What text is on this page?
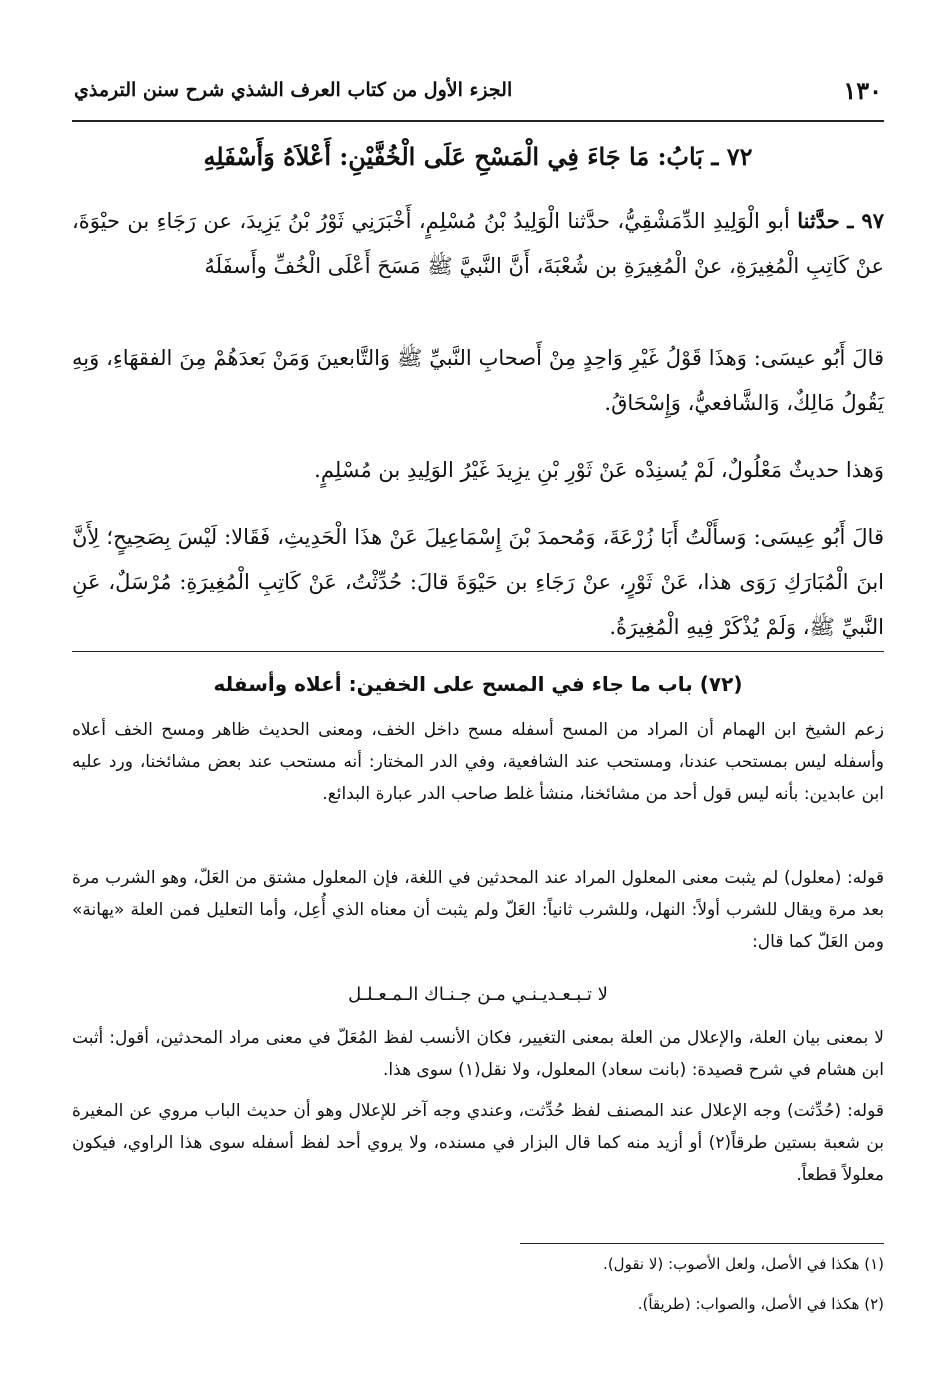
١٣٠
الجزء الأول من كتاب العرف الشذي شرح سنن الترمذي
٧٢ ـ بَابُ: مَا جَاءَ فِي الْمَسْحِ عَلَى الْخُفَّيْنِ: أَعْلاَهُ وَأَسْفَلِهِ
٩٧ ـ حدَّثنا أبو الْوَلِيدِ الدِّمَشْقِيُّ، حدَّثنا الْوَلِيدُ بْنُ مُسْلِمٍ، أَخْبَرَنِي ثَوْرُ بْنُ يَزِيدَ، عن رَجَاءِ بن حيْوَةَ، عنْ كَاتِبِ الْمُغِيرَةِ، عنْ الْمُغِيرَةِ بن شُعْبَةَ، أَنَّ النَّبيَّ ﷺ مَسَحَ أَعْلَى الْخُفِّ وأَسفَلَهُ
قالَ أَبُو عيسَى: وَهذَا قَوْلُ غَيْرِ وَاحِدٍ مِنْ أَصحابِ النَّبيِّ ﷺ وَالتَّابعينَ وَمَنْ بَعدَهُمْ مِنَ الفقهَاءِ، وَبِهِ يَقُولُ مَالِكٌ، وَالشَّافعيُّ، وَإِسْحَاقُ.
وَهذا حديثٌ مَعْلُولٌ، لَمْ يُسنِدْه عَنْ ثَوْرِ بْنِ يزِيدَ غَيْرُ الوَلِيدِ بن مُسْلِمٍ.
قالَ أَبُو عِيسَى: وَسأَلْتُ أَبَا زُرْعَةَ، وَمُحمدَ بْنَ إِسْمَاعِيلَ عَنْ هذَا الْحَدِيثِ، فَقَالا: لَيْسَ بِصَحِيحٍ؛ لِأَنَّ ابنَ الْمُبَارَكِ رَوَى هذا، عَنْ ثَوْرٍ، عنْ رَجَاءِ بن حَيْوَةَ قالَ: حُدِّثْتُ، عَنْ كَاتِبِ الْمُغِيرَةِ: مُرْسَلٌ، عَنِ النَّبيِّ ﷺ، وَلَمْ يُذْكَرْ فِيهِ الْمُغِيرَةُ.
(٧٢) باب ما جاء في المسح على الخفين: أعلاه وأسفله
زعم الشيخ ابن الهمام أن المراد من المسح أسفله مسح داخل الخف، ومعنى الحديث ظاهر ومسح الخف أعلاه وأسفله ليس بمستحب عندنا، ومستحب عند الشافعية، وفي الدر المختار: أنه مستحب عند بعض مشائخنا، ورد عليه ابن عابدين: بأنه ليس قول أحد من مشائخنا، منشأ غلط صاحب الدر عبارة البدائع.
قوله: (معلول) لم يثبت معنى المعلول المراد عند المحدثين في اللغة، فإن المعلول مشتق من العَلّ، وهو الشرب مرة بعد مرة ويقال للشرب أولاً: النهل، وللشرب ثانياً: العَلّ ولم يثبت أن معناه الذي أُعِل، وأما التعليل فمن العلة «يهانة» ومن العَلّ كما قال:
لا تـبـعـديـنـي مـن جـنـاك الـمـعـلـل
لا بمعنى بيان العلة، والإعلال من العلة بمعنى التغيير، فكان الأنسب لفظ المُعَلّ في معنى مراد المحدثين، أقول: أثبت ابن هشام في شرح قصيدة: (بانت سعاد) المعلول، ولا نقل(١) سوى هذا.
قوله: (حُدِّثت) وجه الإعلال عند المصنف لفظ حُدِّثت، وعندي وجه آخر للإعلال وهو أن حديث الباب مروي عن المغيرة بن شعبة بستين طرقاً(٢) أو أزيد منه كما قال البزار في مسنده، ولا يروي أحد لفظ أسفله سوى هذا الراوي، فيكون معلولاً قطعاً.
(١) هكذا في الأصل، ولعل الأصوب: (لا نقول).
(٢) هكذا في الأصل، والصواب: (طريقاً).
